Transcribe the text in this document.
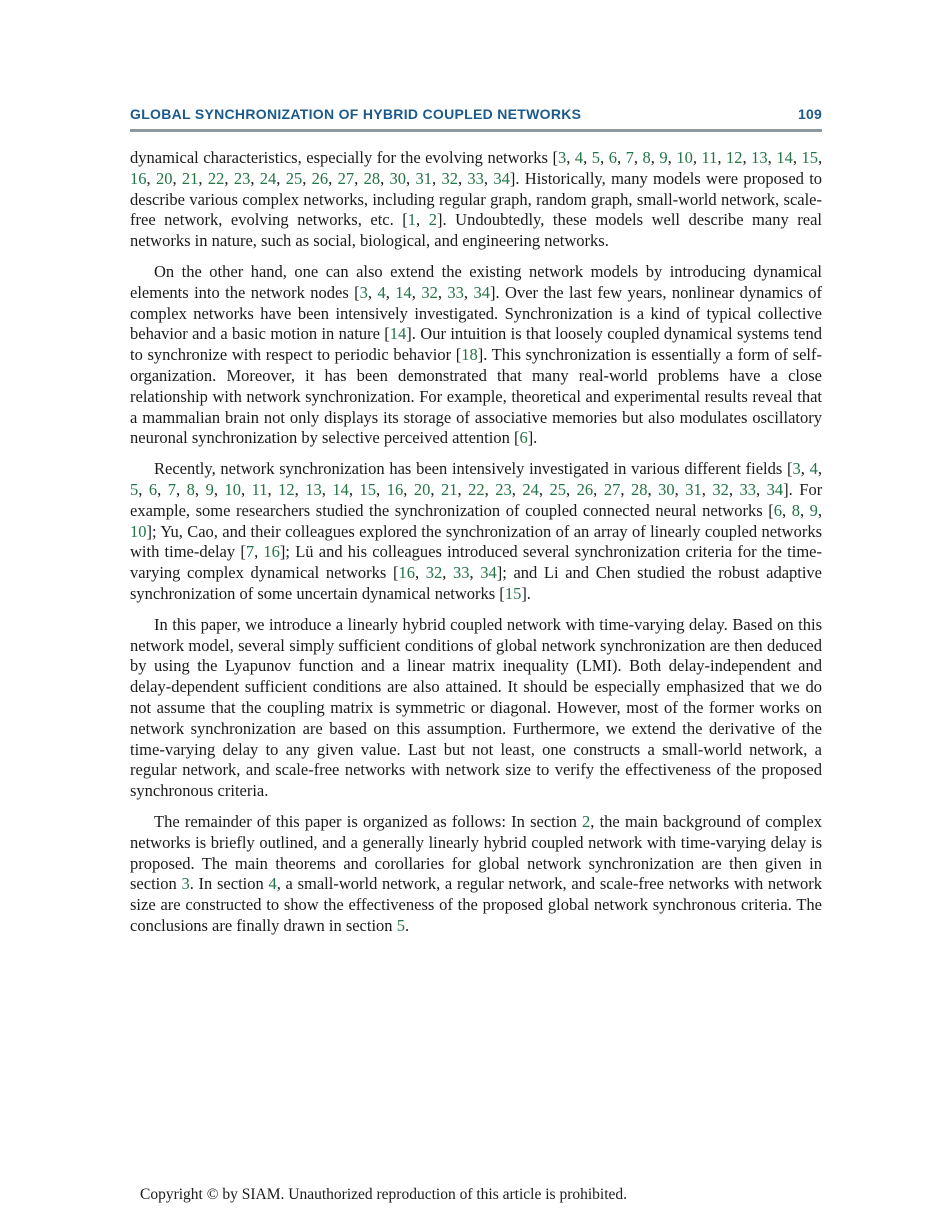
GLOBAL SYNCHRONIZATION OF HYBRID COUPLED NETWORKS	109

dynamical characteristics, especially for the evolving networks [3, 4, 5, 6, 7, 8, 9, 10, 11, 12, 13, 14, 15, 16, 20, 21, 22, 23, 24, 25, 26, 27, 28, 30, 31, 32, 33, 34]. Historically, many models were proposed to describe various complex networks, including regular graph, random graph, small-world network, scale-free network, evolving networks, etc. [1, 2]. Undoubtedly, these models well describe many real networks in nature, such as social, biological, and engineering networks.

On the other hand, one can also extend the existing network models by introducing dynamical elements into the network nodes [3, 4, 14, 32, 33, 34]. Over the last few years, nonlinear dynamics of complex networks have been intensively investigated. Synchronization is a kind of typical collective behavior and a basic motion in nature [14]. Our intuition is that loosely coupled dynamical systems tend to synchronize with respect to periodic behavior [18]. This synchronization is essentially a form of self-organization. Moreover, it has been demonstrated that many real-world problems have a close relationship with network synchronization. For example, theoretical and experimental results reveal that a mammalian brain not only displays its storage of associative memories but also modulates oscillatory neuronal synchronization by selective perceived attention [6].

Recently, network synchronization has been intensively investigated in various different fields [3, 4, 5, 6, 7, 8, 9, 10, 11, 12, 13, 14, 15, 16, 20, 21, 22, 23, 24, 25, 26, 27, 28, 30, 31, 32, 33, 34]. For example, some researchers studied the synchronization of coupled connected neural networks [6, 8, 9, 10]; Yu, Cao, and their colleagues explored the synchronization of an array of linearly coupled networks with time-delay [7, 16]; Lü and his colleagues introduced several synchronization criteria for the time-varying complex dynamical networks [16, 32, 33, 34]; and Li and Chen studied the robust adaptive synchronization of some uncertain dynamical networks [15].

In this paper, we introduce a linearly hybrid coupled network with time-varying delay. Based on this network model, several simply sufficient conditions of global network synchronization are then deduced by using the Lyapunov function and a linear matrix inequality (LMI). Both delay-independent and delay-dependent sufficient conditions are also attained. It should be especially emphasized that we do not assume that the coupling matrix is symmetric or diagonal. However, most of the former works on network synchronization are based on this assumption. Furthermore, we extend the derivative of the time-varying delay to any given value. Last but not least, one constructs a small-world network, a regular network, and scale-free networks with network size to verify the effectiveness of the proposed synchronous criteria.

The remainder of this paper is organized as follows: In section 2, the main background of complex networks is briefly outlined, and a generally linearly hybrid coupled network with time-varying delay is proposed. The main theorems and corollaries for global network synchronization are then given in section 3. In section 4, a small-world network, a regular network, and scale-free networks with network size are constructed to show the effectiveness of the proposed global network synchronous criteria. The conclusions are finally drawn in section 5.

Copyright © by SIAM. Unauthorized reproduction of this article is prohibited.
